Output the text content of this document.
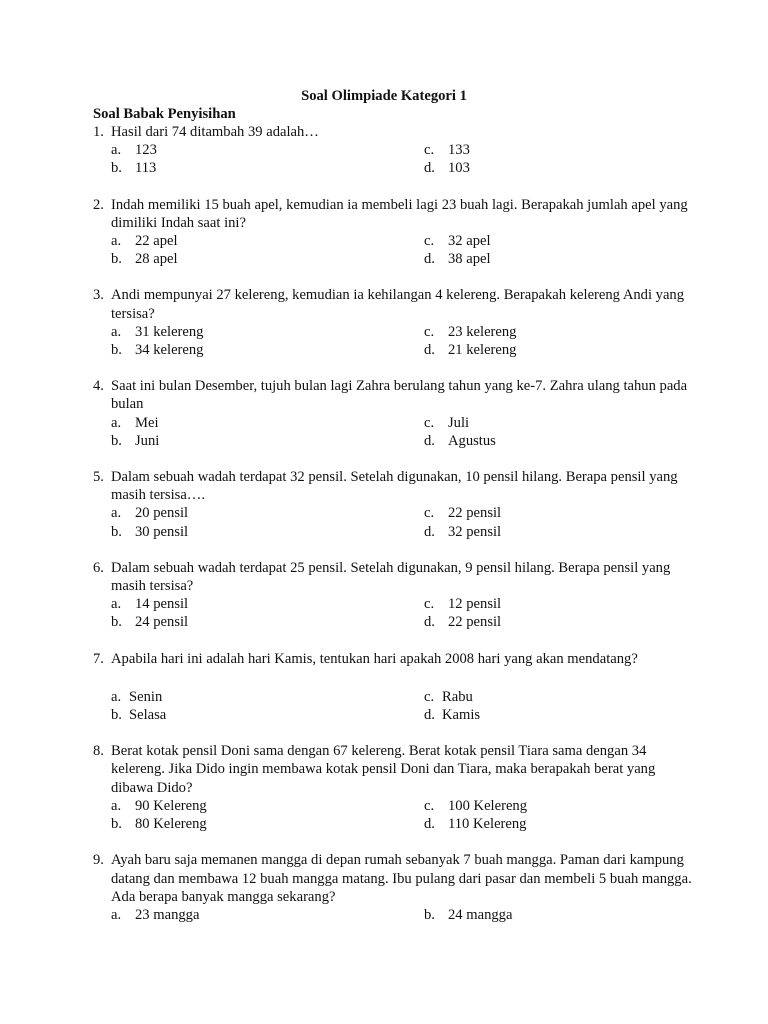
Soal Olimpiade Kategori 1
Soal Babak Penyisihan
1. Hasil dari 74 ditambah 39 adalah…
a. 123	c. 133
b. 113	d. 103
2. Indah memiliki 15 buah apel, kemudian ia membeli lagi 23 buah lagi. Berapakah jumlah apel yang dimiliki Indah saat ini?
a. 22 apel	c. 32 apel
b. 28 apel	d. 38 apel
3. Andi mempunyai 27 kelereng, kemudian ia kehilangan 4 kelereng. Berapakah kelereng Andi yang tersisa?
a. 31 kelereng	c. 23 kelereng
b. 34 kelereng	d. 21 kelereng
4. Saat ini bulan Desember, tujuh bulan lagi Zahra berulang tahun yang ke-7. Zahra ulang tahun pada bulan
a. Mei	c. Juli
b. Juni	d. Agustus
5. Dalam sebuah wadah terdapat 32 pensil. Setelah digunakan, 10 pensil hilang. Berapa pensil yang masih tersisa….
a. 20 pensil	c. 22 pensil
b. 30 pensil	d. 32 pensil
6. Dalam sebuah wadah terdapat 25 pensil. Setelah digunakan, 9 pensil hilang. Berapa pensil yang masih tersisa?
a. 14 pensil	c. 12 pensil
b. 24 pensil	d. 22 pensil
7. Apabila hari ini adalah hari Kamis, tentukan hari apakah 2008 hari yang akan mendatang?
a. Senin	c. Rabu
b. Selasa	d. Kamis
8. Berat kotak pensil Doni sama dengan 67 kelereng. Berat kotak pensil Tiara sama dengan 34 kelereng. Jika Dido ingin membawa kotak pensil Doni dan Tiara, maka berapakah berat yang dibawa Dido?
a. 90 Kelereng	c. 100 Kelereng
b. 80 Kelereng	d. 110 Kelereng
9. Ayah baru saja memanen mangga di depan rumah sebanyak 7 buah mangga. Paman dari kampung datang dan membawa 12 buah mangga matang. Ibu pulang dari pasar dan membeli 5 buah mangga. Ada berapa banyak mangga sekarang?
a. 23 mangga	b. 24 mangga
